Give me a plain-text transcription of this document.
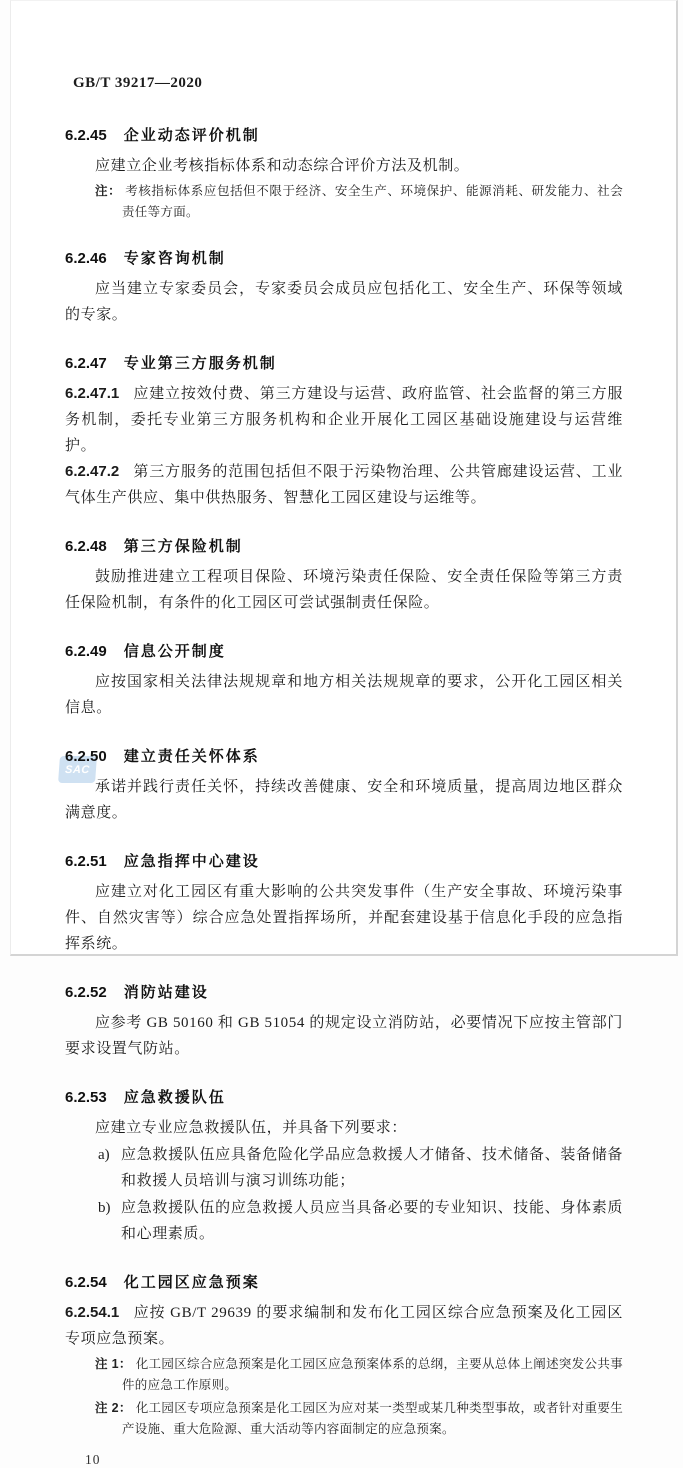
SAC
GB/T 39217—2020
6.2.45 企业动态评价机制

应建立企业考核指标体系和动态综合评价方法及机制。

注： 考核指标体系应包括但不限于经济、安全生产、环境保护、能源消耗、研发能力、社会责任等方面。
6.2.46 专家咨询机制

应当建立专家委员会，专家委员会成员应包括化工、安全生产、环保等领域的专家。

6.2.47 专业第三方服务机制

6.2.47.1 应建立按效付费、第三方建设与运营、政府监管、社会监督的第三方服务机制，委托专业第三方服务机构和企业开展化工园区基础设施建设与运营维护。

6.2.47.2 第三方服务的范围包括但不限于污染物治理、公共管廊建设运营、工业气体生产供应、集中供热服务、智慧化工园区建设与运维等。

6.2.48 第三方保险机制

鼓励推进建立工程项目保险、环境污染责任保险、安全责任保险等第三方责任保险机制，有条件的化工园区可尝试强制责任保险。

6.2.49 信息公开制度

应按国家相关法律法规规章和地方相关法规规章的要求，公开化工园区相关信息。

6.2.50 建立责任关怀体系

承诺并践行责任关怀，持续改善健康、安全和环境质量，提高周边地区群众满意度。

6.2.51 应急指挥中心建设

应建立对化工园区有重大影响的公共突发事件（生产安全事故、环境污染事件、自然灾害等）综合应急处置指挥场所，并配套建设基于信息化手段的应急指挥系统。

6.2.52 消防站建设

应参考 GB 50160 和 GB 51054 的规定设立消防站，必要情况下应按主管部门要求设置气防站。

6.2.53 应急救援队伍

应建立专业应急救援队伍，并具备下列要求：

a) 应急救援队伍应具备危险化学品应急救援人才储备、技术储备、装备储备和救援人员培训与演习训练功能；
b) 应急救援队伍的应急救援人员应当具备必要的专业知识、技能、身体素质和心理素质。
6.2.54 化工园区应急预案

6.2.54.1 应按 GB/T 29639 的要求编制和发布化工园区综合应急预案及化工园区专项应急预案。

注 1： 化工园区综合应急预案是化工园区应急预案体系的总纲，主要从总体上阐述突发公共事件的应急工作原则。
注 2： 化工园区专项应急预案是化工园区为应对某一类型或某几种类型事故，或者针对重要生产设施、重大危险源、重大活动等内容面制定的应急预案。
10
